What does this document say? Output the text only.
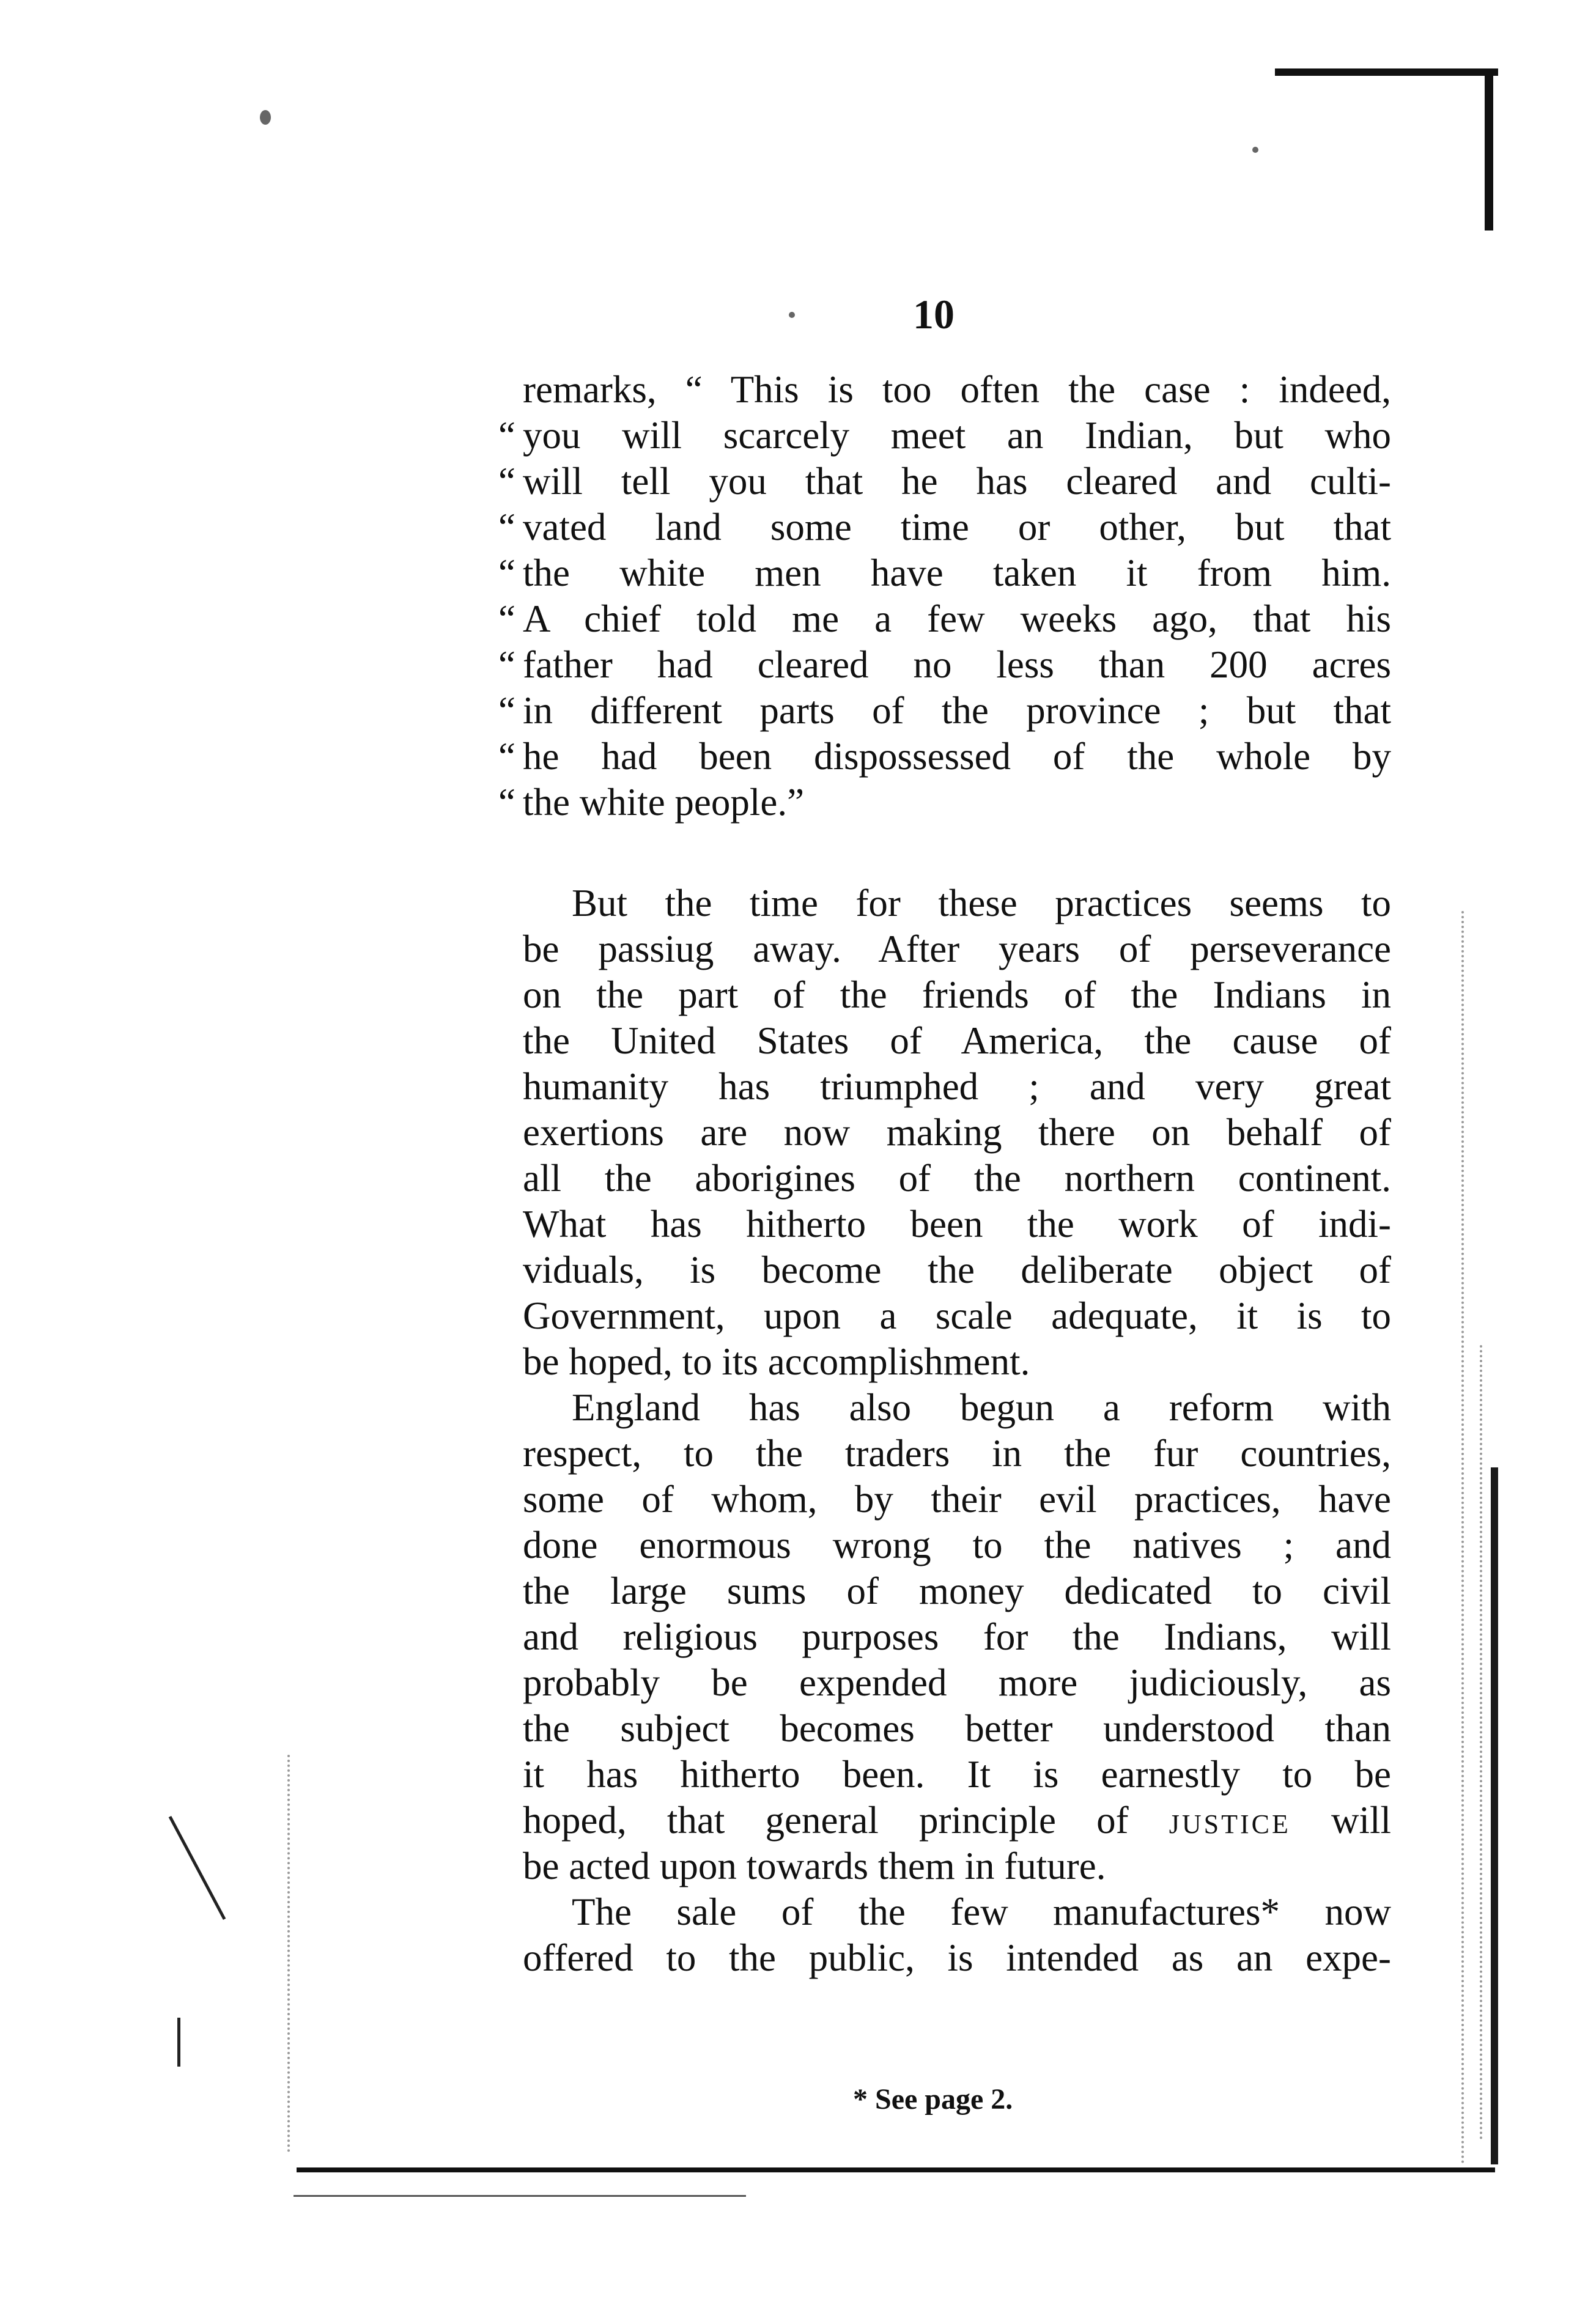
10
remarks, “ This is too often the case : indeed,
“ you will scarcely meet an Indian, but who
“ will tell you that he has cleared and culti-
“ vated land some time or other, but that
“ the white men have taken it from him.
“ A chief told me a few weeks ago, that his
“ father had cleared no less than 200 acres
“ in different parts of the province ; but that
“ he had been dispossessed of the whole by
“ the white people.”
But the time for these practices seems to
be passiug away. After years of perseverance
on the part of the friends of the Indians in
the United States of America, the cause of
humanity has triumphed ; and very great
exertions are now making there on behalf of
all the aborigines of the northern continent.
What has hitherto been the work of indi-
viduals, is become the deliberate object of
Government, upon a scale adequate, it is to
be hoped, to its accomplishment.
England has also begun a reform with
respect, to the traders in the fur countries,
some of whom, by their evil practices, have
done enormous wrong to the natives ; and
the large sums of money dedicated to civil
and religious purposes for the Indians, will
probably be expended more judiciously, as
the subject becomes better understood than
it has hitherto been. It is earnestly to be
hoped, that general principle of justice will
be acted upon towards them in future.
The sale of the few manufactures* now
offered to the public, is intended as an expe-
* See page 2.
